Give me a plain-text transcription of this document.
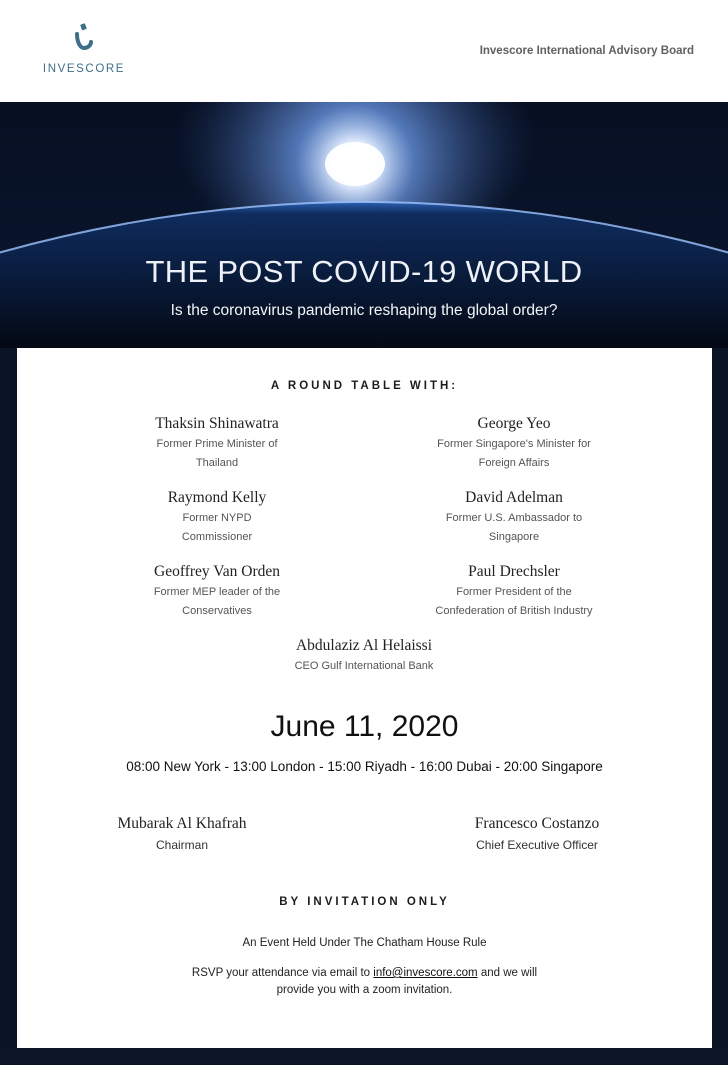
INVESCORE
Invescore International Advisory Board
THE POST COVID-19 WORLD
Is the coronavirus pandemic reshaping the global order?
A ROUND TABLE WITH:
Thaksin Shinawatra
Former Prime Minister of
Thailand
George Yeo
Former Singapore's Minister for
Foreign Affairs
Raymond Kelly
Former NYPD
Commissioner
David Adelman
Former U.S. Ambassador to
Singapore
Geoffrey Van Orden
Former MEP leader of the
Conservatives
Paul Drechsler
Former President of the
Confederation of British Industry
Abdulaziz Al Helaissi
CEO Gulf International Bank
June 11, 2020
08:00 New York - 13:00 London - 15:00 Riyadh - 16:00 Dubai - 20:00 Singapore
Mubarak Al Khafrah
Chairman
Francesco Costanzo
Chief Executive Officer
BY INVITATION ONLY
An Event Held Under The Chatham House Rule
RSVP your attendance via email to info@invescore.com and we will
provide you with a zoom invitation.
